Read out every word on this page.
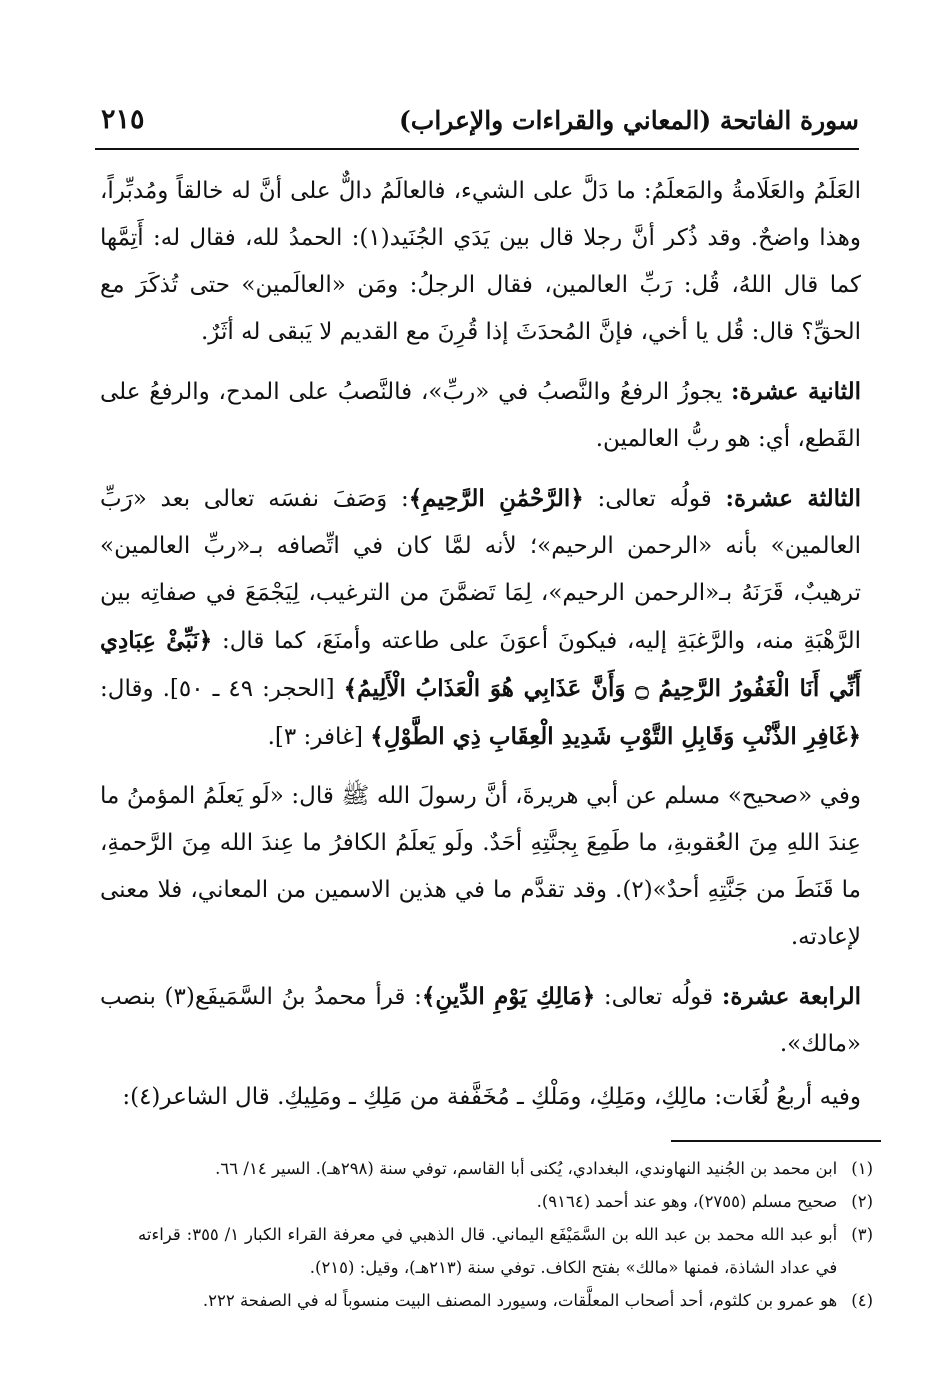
سورة الفاتحة (المعاني والقراءات والإعراب)
٢١٥

العَلَمُ والعَلَامةُ والمَعلَمُ: ما دَلَّ على الشيء، فالعالَمُ دالٌّ على أنَّ له خالقاً ومُدبِّراً، وهذا واضحٌ. وقد ذُكر أنَّ رجلا قال بين يَدَي الجُنَيد(١): الحمدُ لله، فقال له: أَتِمَّها كما قال اللهُ، قُل: رَبِّ العالمين، فقال الرجلُ: ومَن «العالَمين» حتى تُذكَرَ مع الحقِّ؟ قال: قُل يا أخي، فإنَّ المُحدَثَ إذا قُرِنَ مع القديم لا يَبقى له أثَرٌ.

الثانية عشرة: يجوزُ الرفعُ والنَّصبُ في «ربِّ»، فالنَّصبُ على المدح، والرفعُ على القَطع، أي: هو ربُّ العالمين.

الثالثة عشرة: قولُه تعالى: ﴿الرَّحْمَٰنِ الرَّحِيمِ﴾: وَصَفَ نفسَه تعالى بعد «رَبِّ العالمين» بأنه «الرحمن الرحيم»؛ لأنه لمَّا كان في اتِّصافه بـ«ربِّ العالمين» ترهيبٌ، قَرَنَهُ بـ«الرحمن الرحيم»، لِمَا تَضمَّنَ من الترغيب، لِيَجْمَعَ في صفاتِه بين الرَّهْبَةِ منه، والرَّغبَةِ إليه، فيكونَ أعوَنَ على طاعته وأمنَعَ، كما قال: ﴿نَبِّئْ عِبَادِي أَنِّي أَنَا الْغَفُورُ الرَّحِيمُ ۝ وَأَنَّ عَذَابِي هُوَ الْعَذَابُ الْأَلِيمُ﴾ [الحجر: ٤٩ ـ ٥٠]. وقال: ﴿غَافِرِ الذَّنْبِ وَقَابِلِ التَّوْبِ شَدِيدِ الْعِقَابِ ذِي الطَّوْلِ﴾ [غافر: ٣].

وفي «صحيح» مسلم عن أبي هريرةَ، أنَّ رسولَ الله ﷺ قال: «لَو يَعلَمُ المؤمنُ ما عِندَ اللهِ مِنَ العُقوبةِ، ما طَمِعَ بِجنَّتِهِ أحَدٌ. ولَو يَعلَمُ الكافرُ ما عِندَ الله مِنَ الرَّحمةِ، ما قَنَطَ من جَنَّتِهِ أحدٌ»(٢). وقد تقدَّم ما في هذين الاسمين من المعاني، فلا معنى لإعادته.

الرابعة عشرة: قولُه تعالى: ﴿مَالِكِ يَوْمِ الدِّينِ﴾: قرأ محمدُ بنُ السَّمَيفَع(٣) بنصب «مالك».

وفيه أربعُ لُغَات: مالِكِ، ومَلِكِ، ومَلْكِ ـ مُخَفَّفة من مَلِكِ ـ ومَلِيكِ. قال الشاعر(٤):

(١)
ابن محمد بن الجُنيد النهاوندي، البغدادي، يُكنى أبا القاسم، توفي سنة (٢٩٨هـ). السير ١٤/ ٦٦.
(٢)
صحيح مسلم (٢٧٥٥)، وهو عند أحمد (٩١٦٤).
(٣)
أبو عبد الله محمد بن عبد الله بن السَّمَيْفَع اليماني. قال الذهبي في معرفة القراء الكبار ١/ ٣٥٥: قراءته في عداد الشاذة، فمنها «مالك» بفتح الكاف. توفي سنة (٢١٣هـ)، وقيل: (٢١٥).
(٤)
هو عمرو بن كلثوم، أحد أصحاب المعلَّقات، وسيورد المصنف البيت منسوباً له في الصفحة ٢٢٢.
